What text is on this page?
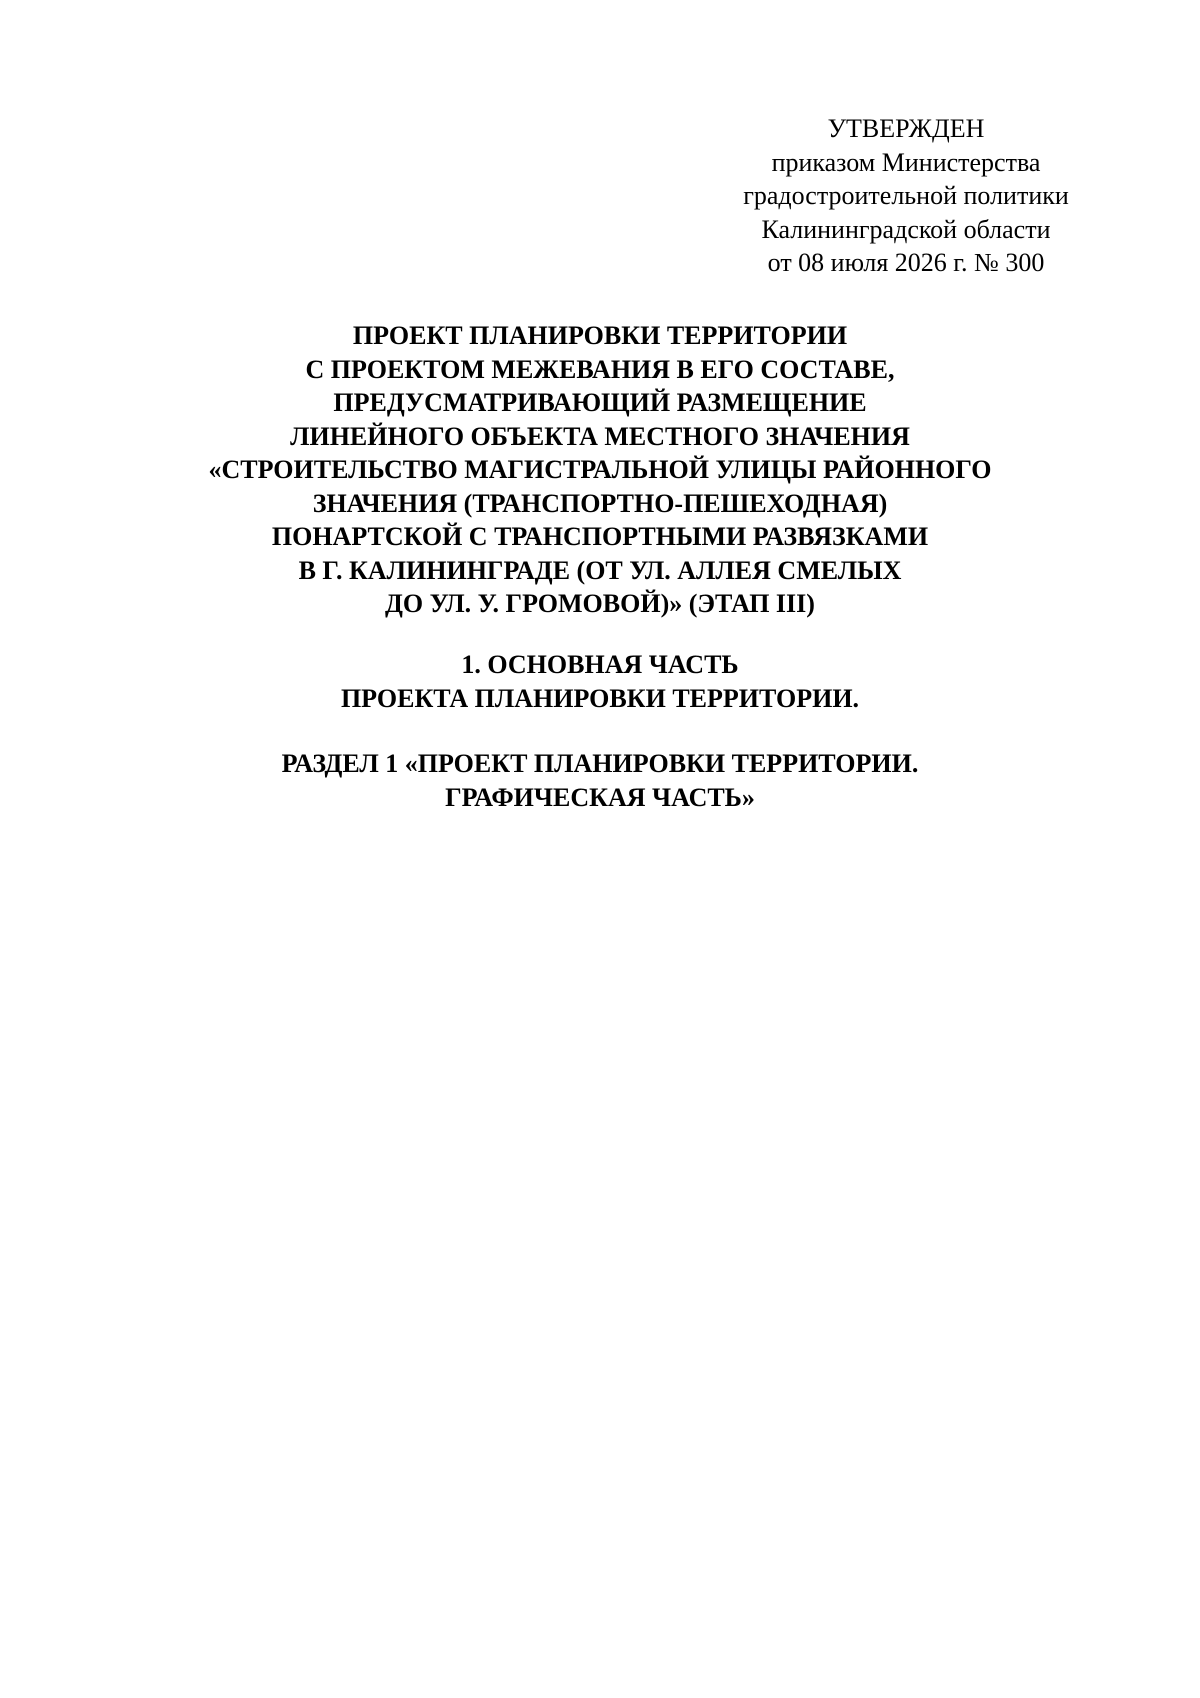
УТВЕРЖДЕН
приказом Министерства
градостроительной политики
Калининградской области
от 08 июля 2026 г. № 300
ПРОЕКТ ПЛАНИРОВКИ ТЕРРИТОРИИ
С ПРОЕКТОМ МЕЖЕВАНИЯ В ЕГО СОСТАВЕ,
ПРЕДУСМАТРИВАЮЩИЙ РАЗМЕЩЕНИЕ
ЛИНЕЙНОГО ОБЪЕКТА МЕСТНОГО ЗНАЧЕНИЯ
«СТРОИТЕЛЬСТВО МАГИСТРАЛЬНОЙ УЛИЦЫ РАЙОННОГО
ЗНАЧЕНИЯ (ТРАНСПОРТНО-ПЕШЕХОДНАЯ)
ПОНАРТСКОЙ С ТРАНСПОРТНЫМИ РАЗВЯЗКАМИ
В Г. КАЛИНИНГРАДЕ (ОТ УЛ. АЛЛЕЯ СМЕЛЫХ
ДО УЛ. У. ГРОМОВОЙ)» (ЭТАП III)
1. ОСНОВНАЯ ЧАСТЬ
ПРОЕКТА ПЛАНИРОВКИ ТЕРРИТОРИИ.
РАЗДЕЛ 1 «ПРОЕКТ ПЛАНИРОВКИ ТЕРРИТОРИИ.
ГРАФИЧЕСКАЯ ЧАСТЬ»
